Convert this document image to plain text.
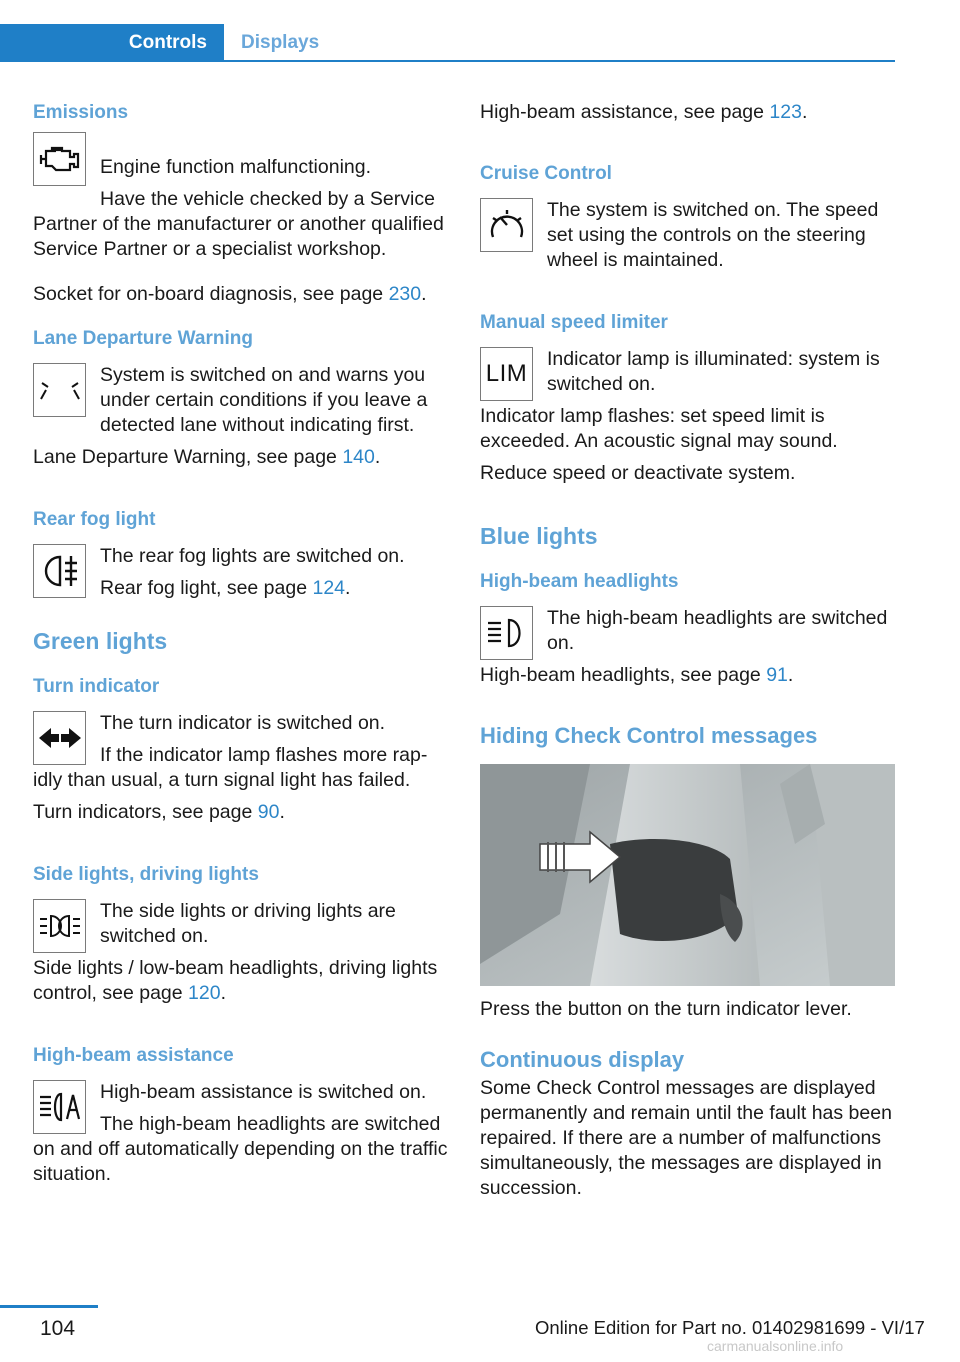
Controls	Displays

Emissions

Engine function malfunctioning.

Have the vehicle checked by a Service Partner of the manufacturer or another qualified Service Partner or a specialist workshop.

Socket for on-board diagnosis, see page 230.

Lane Departure Warning

System is switched on and warns you under certain conditions if you leave a detected lane without indicating first.

Lane Departure Warning, see page 140.

Rear fog light

The rear fog lights are switched on.

Rear fog light, see page 124.

Green lights

Turn indicator

The turn indicator is switched on.

If the indicator lamp flashes more rapidly than usual, a turn signal light has failed.

Turn indicators, see page 90.

Side lights, driving lights

The side lights or driving lights are switched on.

Side lights / low-beam headlights, driving lights control, see page 120.

High-beam assistance

High-beam assistance is switched on.

The high-beam headlights are switched on and off automatically depending on the traffic situation.

High-beam assistance, see page 123.

Cruise Control

The system is switched on. The speed set using the controls on the steering wheel is maintained.

Manual speed limiter

LIM

Indicator lamp is illuminated: system is switched on.

Indicator lamp flashes: set speed limit is exceeded. An acoustic signal may sound.

Reduce speed or deactivate system.

Blue lights

High-beam headlights

The high-beam headlights are switched on.

High-beam headlights, see page 91.

Hiding Check Control messages

Press the button on the turn indicator lever.

Continuous display

Some Check Control messages are displayed permanently and remain until the fault has been repaired. If there are a number of malfunctions simultaneously, the messages are displayed in succession.

104	Online Edition for Part no. 01402981699 - VI/17
carmanualsonline.info
